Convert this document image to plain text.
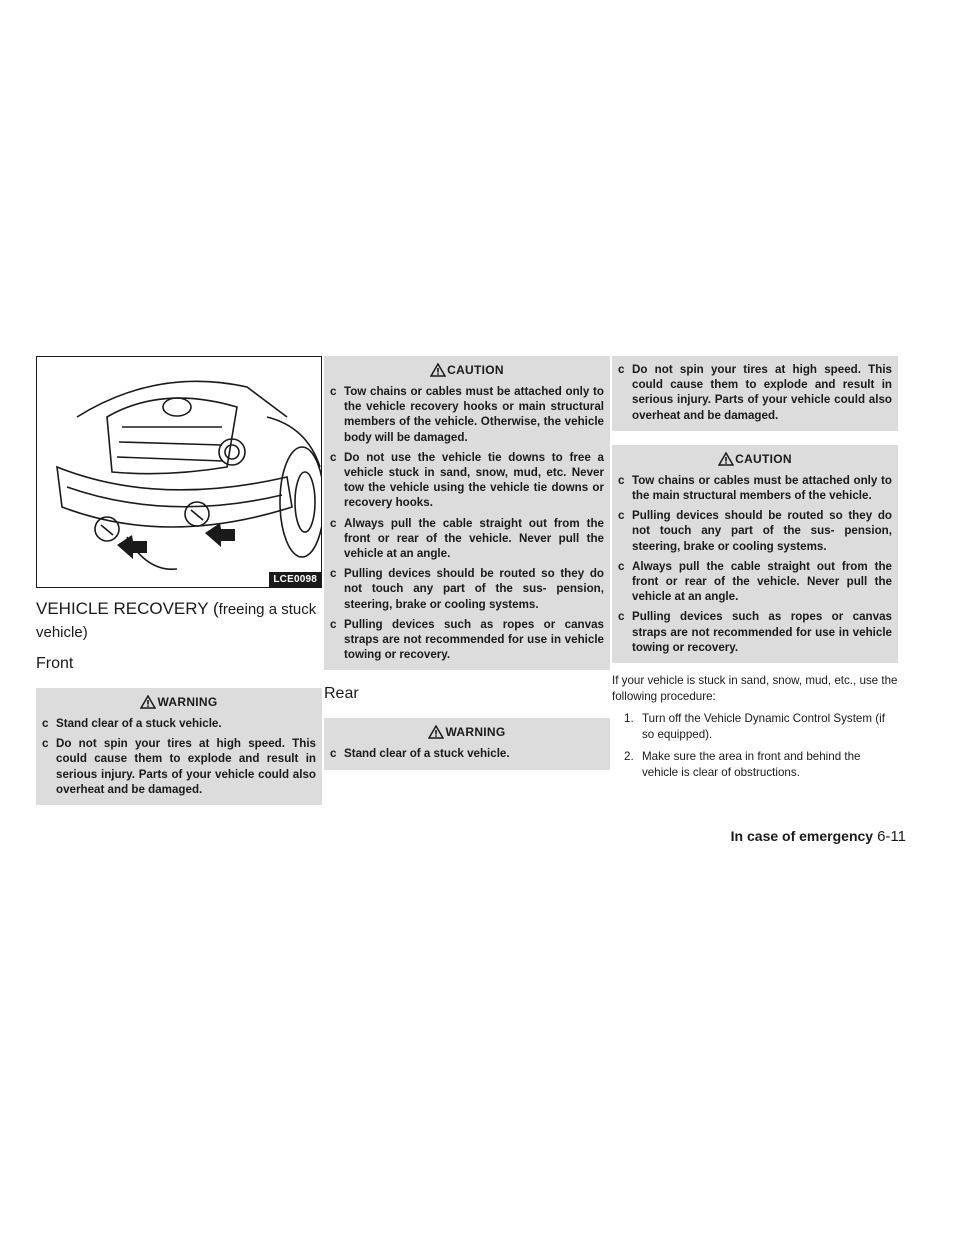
LCE0098
VEHICLE RECOVERY (freeing a stuck
vehicle)
Front
WARNING
c Stand clear of a stuck vehicle.
c Do not spin your tires at high speed. This could cause them to explode and result in serious injury. Parts of your vehicle could also overheat and be damaged.
CAUTION
c Tow chains or cables must be attached only to the vehicle recovery hooks or main structural members of the vehicle. Otherwise, the vehicle body will be damaged.
c Do not use the vehicle tie downs to free a vehicle stuck in sand, snow, mud, etc. Never tow the vehicle using the vehicle tie downs or recovery hooks.
c Always pull the cable straight out from the front or rear of the vehicle. Never pull the vehicle at an angle.
c Pulling devices should be routed so they do not touch any part of the sus- pension, steering, brake or cooling systems.
c Pulling devices such as ropes or canvas straps are not recommended for use in vehicle towing or recovery.
Rear
WARNING
c Stand clear of a stuck vehicle.
c Do not spin your tires at high speed. This could cause them to explode and result in serious injury. Parts of your vehicle could also overheat and be damaged.
CAUTION
c Tow chains or cables must be attached only to the main structural members of the vehicle.
c Pulling devices should be routed so they do not touch any part of the sus- pension, steering, brake or cooling systems.
c Always pull the cable straight out from the front or rear of the vehicle. Never pull the vehicle at an angle.
c Pulling devices such as ropes or canvas straps are not recommended for use in vehicle towing or recovery.
If your vehicle is stuck in sand, snow, mud, etc., use the following procedure:
1. Turn off the Vehicle Dynamic Control System (if so equipped).
2. Make sure the area in front and behind the vehicle is clear of obstructions.
In case of emergency 6-11
